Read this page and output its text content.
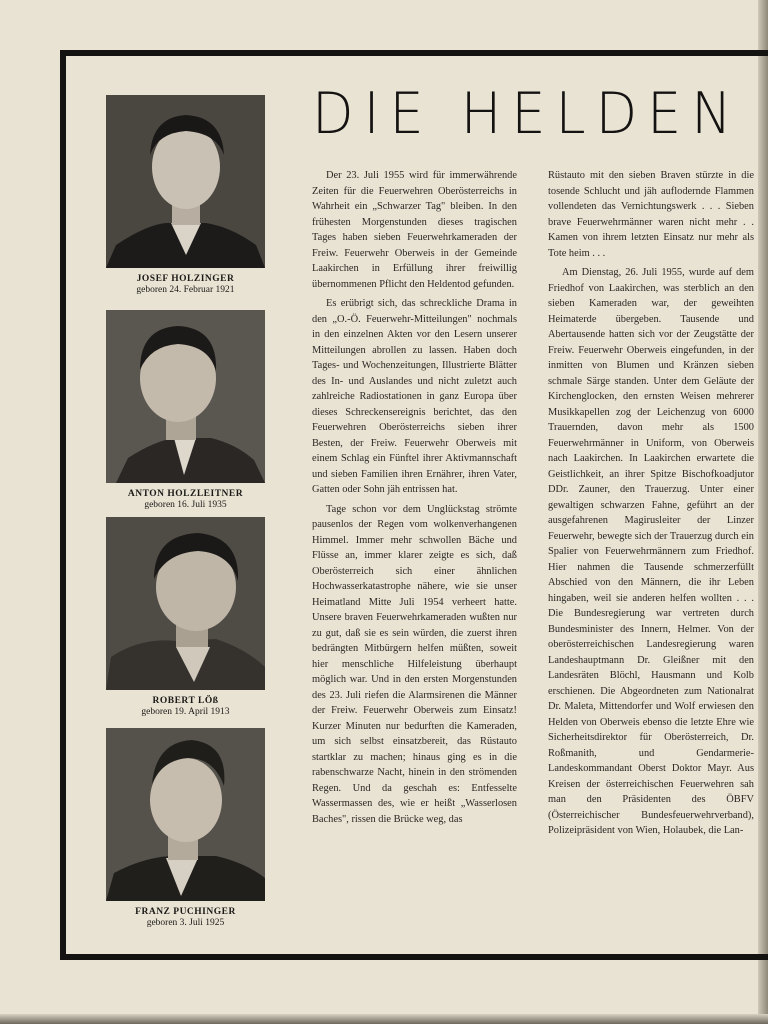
JOSEF HOLZINGER
geboren 24. Februar 1921
ANTON HOLZLEITNER
geboren 16. Juli 1935
ROBERT LÖß
geboren 19. April 1913
FRANZ PUCHINGER
geboren 3. Juli 1925
DIE HELDEN

Der 23. Juli 1955 wird für immerwährende Zeiten für die Feuerwehren Oberösterreichs in Wahrheit ein „Schwarzer Tag" bleiben. In den frühesten Morgenstunden dieses tragischen Tages haben sieben Feuerwehrkameraden der Freiw. Feuerwehr Oberweis in der Gemeinde Laakirchen in Erfüllung ihrer freiwillig übernommenen Pflicht den Heldentod gefunden.

Es erübrigt sich, das schreckliche Drama in den „O.-Ö. Feuerwehr-Mitteilungen" nochmals in den einzelnen Akten vor den Lesern unserer Mitteilungen abrollen zu lassen. Haben doch Tages- und Wochenzeitungen, Illustrierte Blätter des In- und Auslandes und nicht zuletzt auch zahlreiche Radiostationen in ganz Europa über dieses Schreckensereignis berichtet, das den Feuerwehren Oberösterreichs sieben ihrer Besten, der Freiw. Feuerwehr Oberweis mit einem Schlag ein Fünftel ihrer Aktivmannschaft und sieben Familien ihren Ernährer, ihren Vater, Gatten oder Sohn jäh entrissen hat.

Tage schon vor dem Unglückstag strömte pausenlos der Regen vom wolkenverhangenen Himmel. Immer mehr schwollen Bäche und Flüsse an, immer klarer zeigte es sich, daß Oberösterreich sich einer ähnlichen Hochwasserkatastrophe nähere, wie sie unser Heimatland Mitte Juli 1954 verheert hatte. Unsere braven Feuerwehrkameraden wußten nur zu gut, daß sie es sein würden, die zuerst ihren bedrängten Mitbürgern helfen müßten, soweit hier menschliche Hilfeleistung überhaupt möglich war. Und in den ersten Morgenstunden des 23. Juli riefen die Alarmsirenen die Männer der Freiw. Feuerwehr Oberweis zum Einsatz! Kurzer Minuten nur bedurften die Kameraden, um sich selbst einsatzbereit, das Rüstauto startklar zu machen; hinaus ging es in die rabenschwarze Nacht, hinein in den strömenden Regen. Und da geschah es: Entfesselte Wassermassen des, wie er heißt „Wasserlosen Baches", rissen die Brücke weg, das

Rüstauto mit den sieben Braven stürzte in die tosende Schlucht und jäh auflodernde Flammen vollendeten das Vernichtungswerk . . . Sieben brave Feuerwehrmänner waren nicht mehr . . Kamen von ihrem letzten Einsatz nur mehr als Tote heim . . .

Am Dienstag, 26. Juli 1955, wurde auf dem Friedhof von Laakirchen, was sterblich an den sieben Kameraden war, der geweihten Heimaterde übergeben. Tausende und Abertausende hatten sich vor der Zeugstätte der Freiw. Feuerwehr Oberweis eingefunden, in der inmitten von Blumen und Kränzen sieben schmale Särge standen. Unter dem Geläute der Kirchenglocken, den ernsten Weisen mehrerer Musikkapellen zog der Leichenzug von 6000 Trauernden, davon mehr als 1500 Feuerwehrmänner in Uniform, von Oberweis nach Laakirchen. In Laakirchen erwartete die Geistlichkeit, an ihrer Spitze Bischofkoadjutor DDr. Zauner, den Trauerzug. Unter einer gewaltigen schwarzen Fahne, geführt an der ausgefahrenen Magirusleiter der Linzer Feuerwehr, bewegte sich der Trauerzug durch ein Spalier von Feuerwehrmännern zum Friedhof. Hier nahmen die Tausende schmerzerfüllt Abschied von den Männern, die ihr Leben hingaben, weil sie anderen helfen wollten . . . Die Bundesregierung war vertreten durch Bundesminister des Innern, Helmer. Von der oberösterreichischen Landesregierung waren Landeshauptmann Dr. Gleißner mit den Landesräten Blöchl, Hausmann und Kolb erschienen. Die Abgeordneten zum Nationalrat Dr. Maleta, Mittendorfer und Wolf erwiesen den Helden von Oberweis ebenso die letzte Ehre wie Sicherheitsdirektor für Oberösterreich, Dr. Roßmanith, und Gendarmerie-Landeskommandant Oberst Doktor Mayr. Aus Kreisen der österreichischen Feuerwehren sah man den Präsidenten des ÖBFV (Österreichischer Bundesfeuerwehrverband), Polizeipräsident von Wien, Holaubek, die Lan-
